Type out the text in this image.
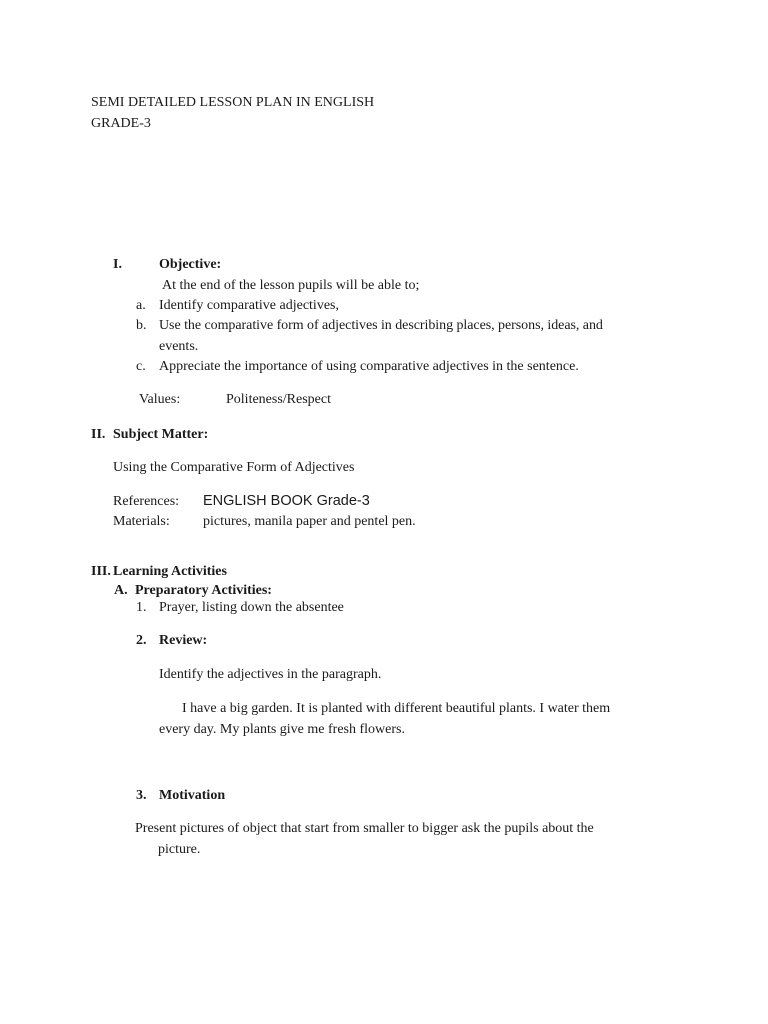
SEMI DETAILED LESSON PLAN IN ENGLISH
GRADE-3
I.	Objective:
At the end of the lesson pupils will be able to;
a. Identify comparative adjectives,
b. Use the comparative form of adjectives in describing places, persons, ideas, and
events.
c. Appreciate the importance of using comparative adjectives in the sentence.
Values:	Politeness/Respect
II. Subject Matter:
Using the Comparative Form of Adjectives
References: ENGLISH BOOK Grade-3
Materials: pictures, manila paper and pentel pen.
III. Learning Activities
A. Preparatory Activities:
1. Prayer, listing down the absentee
2. Review:
Identify the adjectives in the paragraph.
I have a big garden. It is planted with different beautiful plants. I water them
every day. My plants give me fresh flowers.
3. Motivation
Present pictures of object that start from smaller to bigger ask the pupils about the
picture.
